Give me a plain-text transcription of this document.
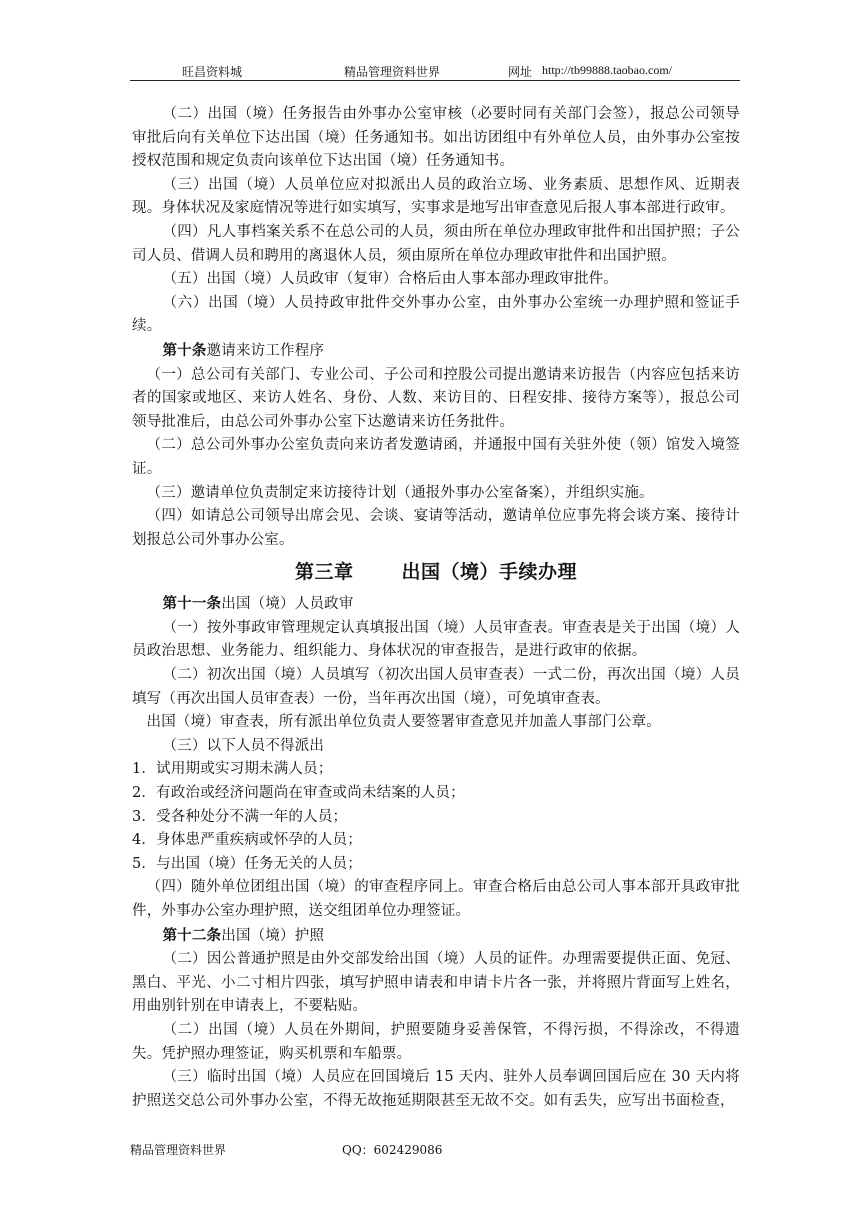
旺昌资料城	精品管理资料世界	网址 http://tb99888.taobao.com/

（二）出国（境）任务报告由外事办公室审核（必要时同有关部门会签），报总公司领导审批后向有关单位下达出国（境）任务通知书。如出访团组中有外单位人员，由外事办公室按授权范围和规定负责向该单位下达出国（境）任务通知书。

（三）出国（境）人员单位应对拟派出人员的政治立场、业务素质、思想作风、近期表现。身体状况及家庭情况等进行如实填写，实事求是地写出审查意见后报人事本部进行政审。

（四）凡人事档案关系不在总公司的人员，须由所在单位办理政审批件和出国护照；子公司人员、借调人员和聘用的离退休人员，须由原所在单位办理政审批件和出国护照。

（五）出国（境）人员政审（复审）合格后由人事本部办理政审批件。

（六）出国（境）人员持政审批件交外事办公室，由外事办公室统一办理护照和签证手续。

第十条邀请来访工作程序

（一）总公司有关部门、专业公司、子公司和控股公司提出邀请来访报告（内容应包括来访者的国家或地区、来访人姓名、身份、人数、来访目的、日程安排、接待方案等），报总公司领导批准后，由总公司外事办公室下达邀请来访任务批件。

（二）总公司外事办公室负责向来访者发邀请函，并通报中国有关驻外使（领）馆发入境签证。

（三）邀请单位负责制定来访接待计划（通报外事办公室备案），并组织实施。

（四）如请总公司领导出席会见、会谈、宴请等活动，邀请单位应事先将会谈方案、接待计划报总公司外事办公室。

第三章	出国（境）手续办理

第十一条出国（境）人员政审

（一）按外事政审管理规定认真填报出国（境）人员审查表。审查表是关于出国（境）人员政治思想、业务能力、组织能力、身体状况的审查报告，是进行政审的依据。

（二）初次出国（境）人员填写（初次出国人员审查表）一式二份，再次出国（境）人员填写（再次出国人员审查表）一份，当年再次出国（境），可免填审查表。

出国（境）审查表，所有派出单位负责人要签署审查意见并加盖人事部门公章。

（三）以下人员不得派出

1．试用期或实习期未满人员；

2．有政治或经济问题尚在审查或尚未结案的人员；

3．受各种处分不满一年的人员；

4．身体患严重疾病或怀孕的人员；

5．与出国（境）任务无关的人员；

（四）随外单位团组出国（境）的审查程序同上。审查合格后由总公司人事本部开具政审批件，外事办公室办理护照，送交组团单位办理签证。

第十二条出国（境）护照

（二）因公普通护照是由外交部发给出国（境）人员的证件。办理需要提供正面、免冠、黑白、平光、小二寸相片四张，填写护照申请表和申请卡片各一张，并将照片背面写上姓名，用曲别针别在申请表上，不要粘贴。

（二）出国（境）人员在外期间，护照要随身妥善保管，不得污损，不得涂改，不得遗失。凭护照办理签证，购买机票和车船票。

（三）临时出国（境）人员应在回国境后 15 天内、驻外人员奉调回国后应在 30 天内将护照送交总公司外事办公室，不得无故拖延期限甚至无故不交。如有丢失，应写出书面检查，

精品管理资料世界	QQ：602429086
